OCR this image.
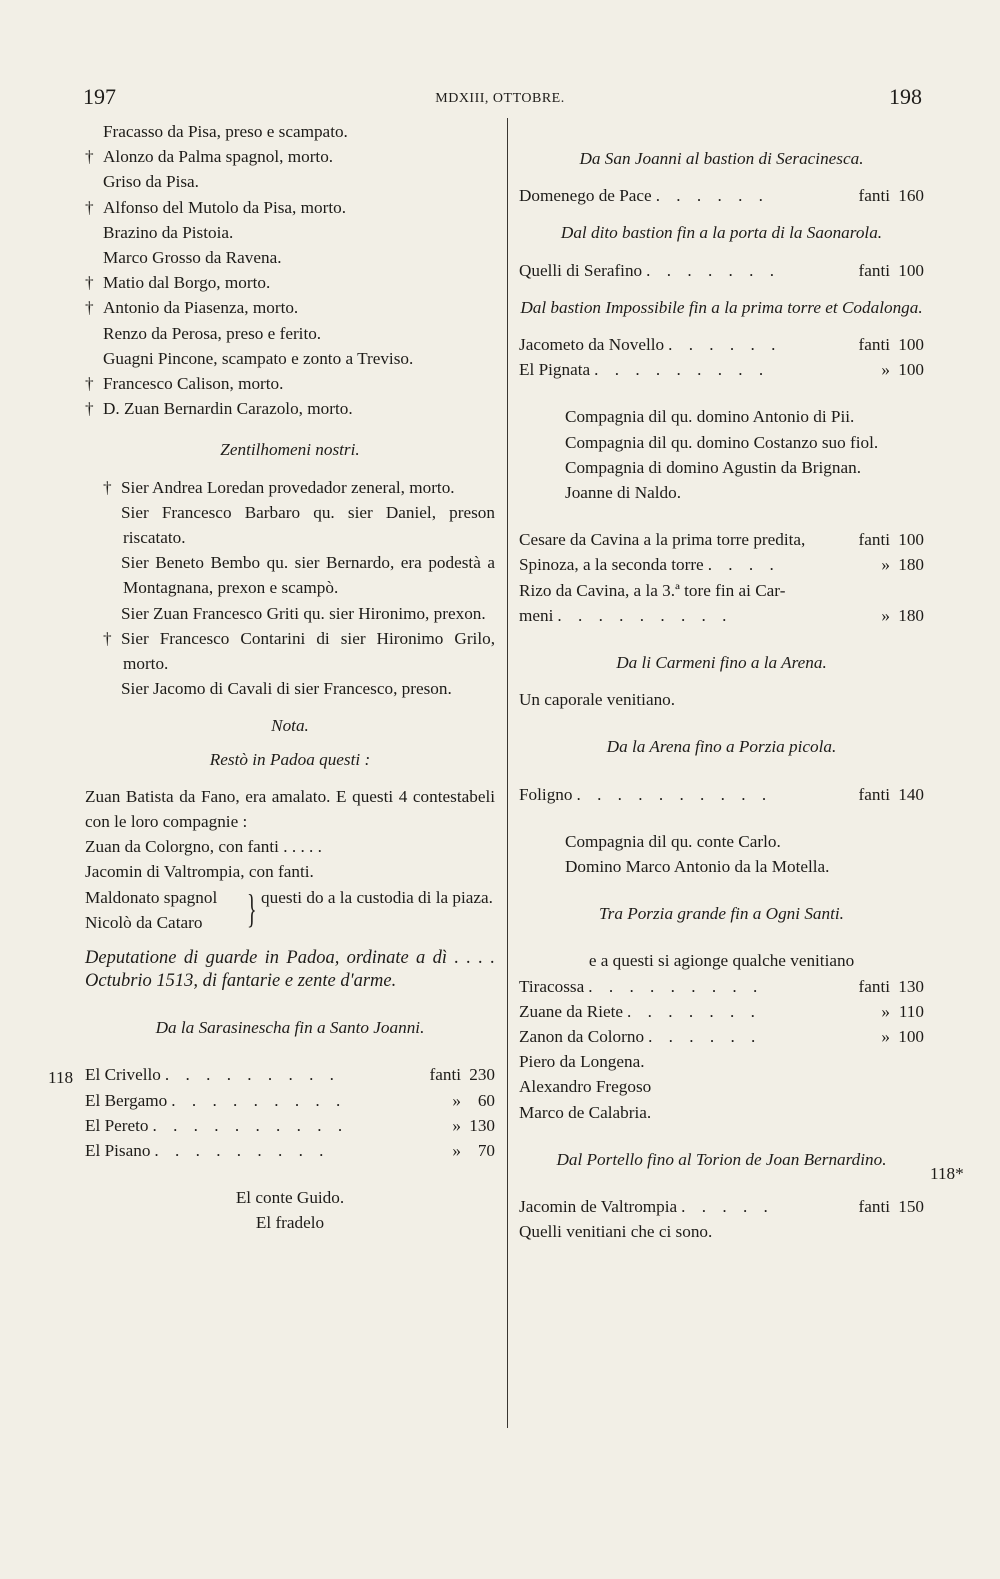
197	MDXIII, OTTOBRE.	198
118
118*
Fracasso da Pisa, preso e scampato.
† Alonzo da Palma spagnol, morto.
Griso da Pisa.
† Alfonso del Mutolo da Pisa, morto.
Brazino da Pistoia.
Marco Grosso da Ravena.
† Matio dal Borgo, morto.
† Antonio da Piasenza, morto.
Renzo da Perosa, preso e ferito.
Guagni Pincone, scampato e zonto a Treviso.
† Francesco Calison, morto.
† D. Zuan Bernardin Carazolo, morto.
Zentilhomeni nostri.
† Sier Andrea Loredan provedador zeneral, morto.
Sier Francesco Barbaro qu. sier Daniel, preson riscatato.
Sier Beneto Bembo qu. sier Bernardo, era podestà a Montagnana, prexon e scampò.
Sier Zuan Francesco Griti qu. sier Hironimo, prexon.
† Sier Francesco Contarini di sier Hironimo Grilo, morto.
Sier Jacomo di Cavali di sier Francesco, preson.
Nota.
Restò in Padoa questi :
Zuan Batista da Fano, era amalato. E questi 4 contestabeli con le loro compagnie :
Zuan da Colorgno, con fanti . . . . .
Jacomin di Valtrompia, con fanti.
Maldonato spagnol
Nicolò da Cataro	} questi do a la custodia di la piaza.
Deputatione di guarde in Padoa, ordinate a dì . . . . Octubrio 1513, di fantarie e zente d'arme.
Da la Sarasinescha fin a Santo Joanni.
El Crivello . . . . . . . . .	fanti 230
El Bergamo . . . . . . . . .	» 60
El Pereto . . . . . . . . . .	» 130
El Pisano . . . . . . . . .	» 70
El conte Guido.
El fradelo
Da San Joanni al bastion di Seracinesca.
Domenego de Pace . . . . . .	fanti 160
Dal dito bastion fin a la porta di la Saonarola.
Quelli di Serafino . . . . . . .	fanti 100
Dal bastion Impossibile fin a la prima torre et Codalonga.
Jacometo da Novello . . . . . .	fanti 100
El Pignata . . . . . . . . .	» 100
Compagnia dil qu. domino Antonio di Pii.
Compagnia dil qu. domino Costanzo suo fiol.
Compagnia di domino Agustin da Brignan.
Joanne di Naldo.
Cesare da Cavina a la prima torre predita,	fanti 100
Spinoza, a la seconda torre . . . .	» 180
Rizo da Cavina, a la 3.ª tore fin ai Car-
meni . . . . . . . . .	» 180
Da li Carmeni fino a la Arena.
Un caporale venitiano.
Da la Arena fino a Porzia picola.
Foligno . . . . . . . . . .	fanti 140
Compagnia dil qu. conte Carlo.
Domino Marco Antonio da la Motella.
Tra Porzia grande fin a Ogni Santi.
e a questi si agionge qualche venitiano
Tiracossa . . . . . . . . .	fanti 130
Zuane da Riete . . . . . . .	» 110
Zanon da Colorno . . . . . .	» 100
Piero da Longena.
Alexandro Fregoso
Marco de Calabria.
Dal Portello fino al Torion de Joan Bernardino.
Jacomin de Valtrompia . . . . .	fanti 150
Quelli venitiani che ci sono.
